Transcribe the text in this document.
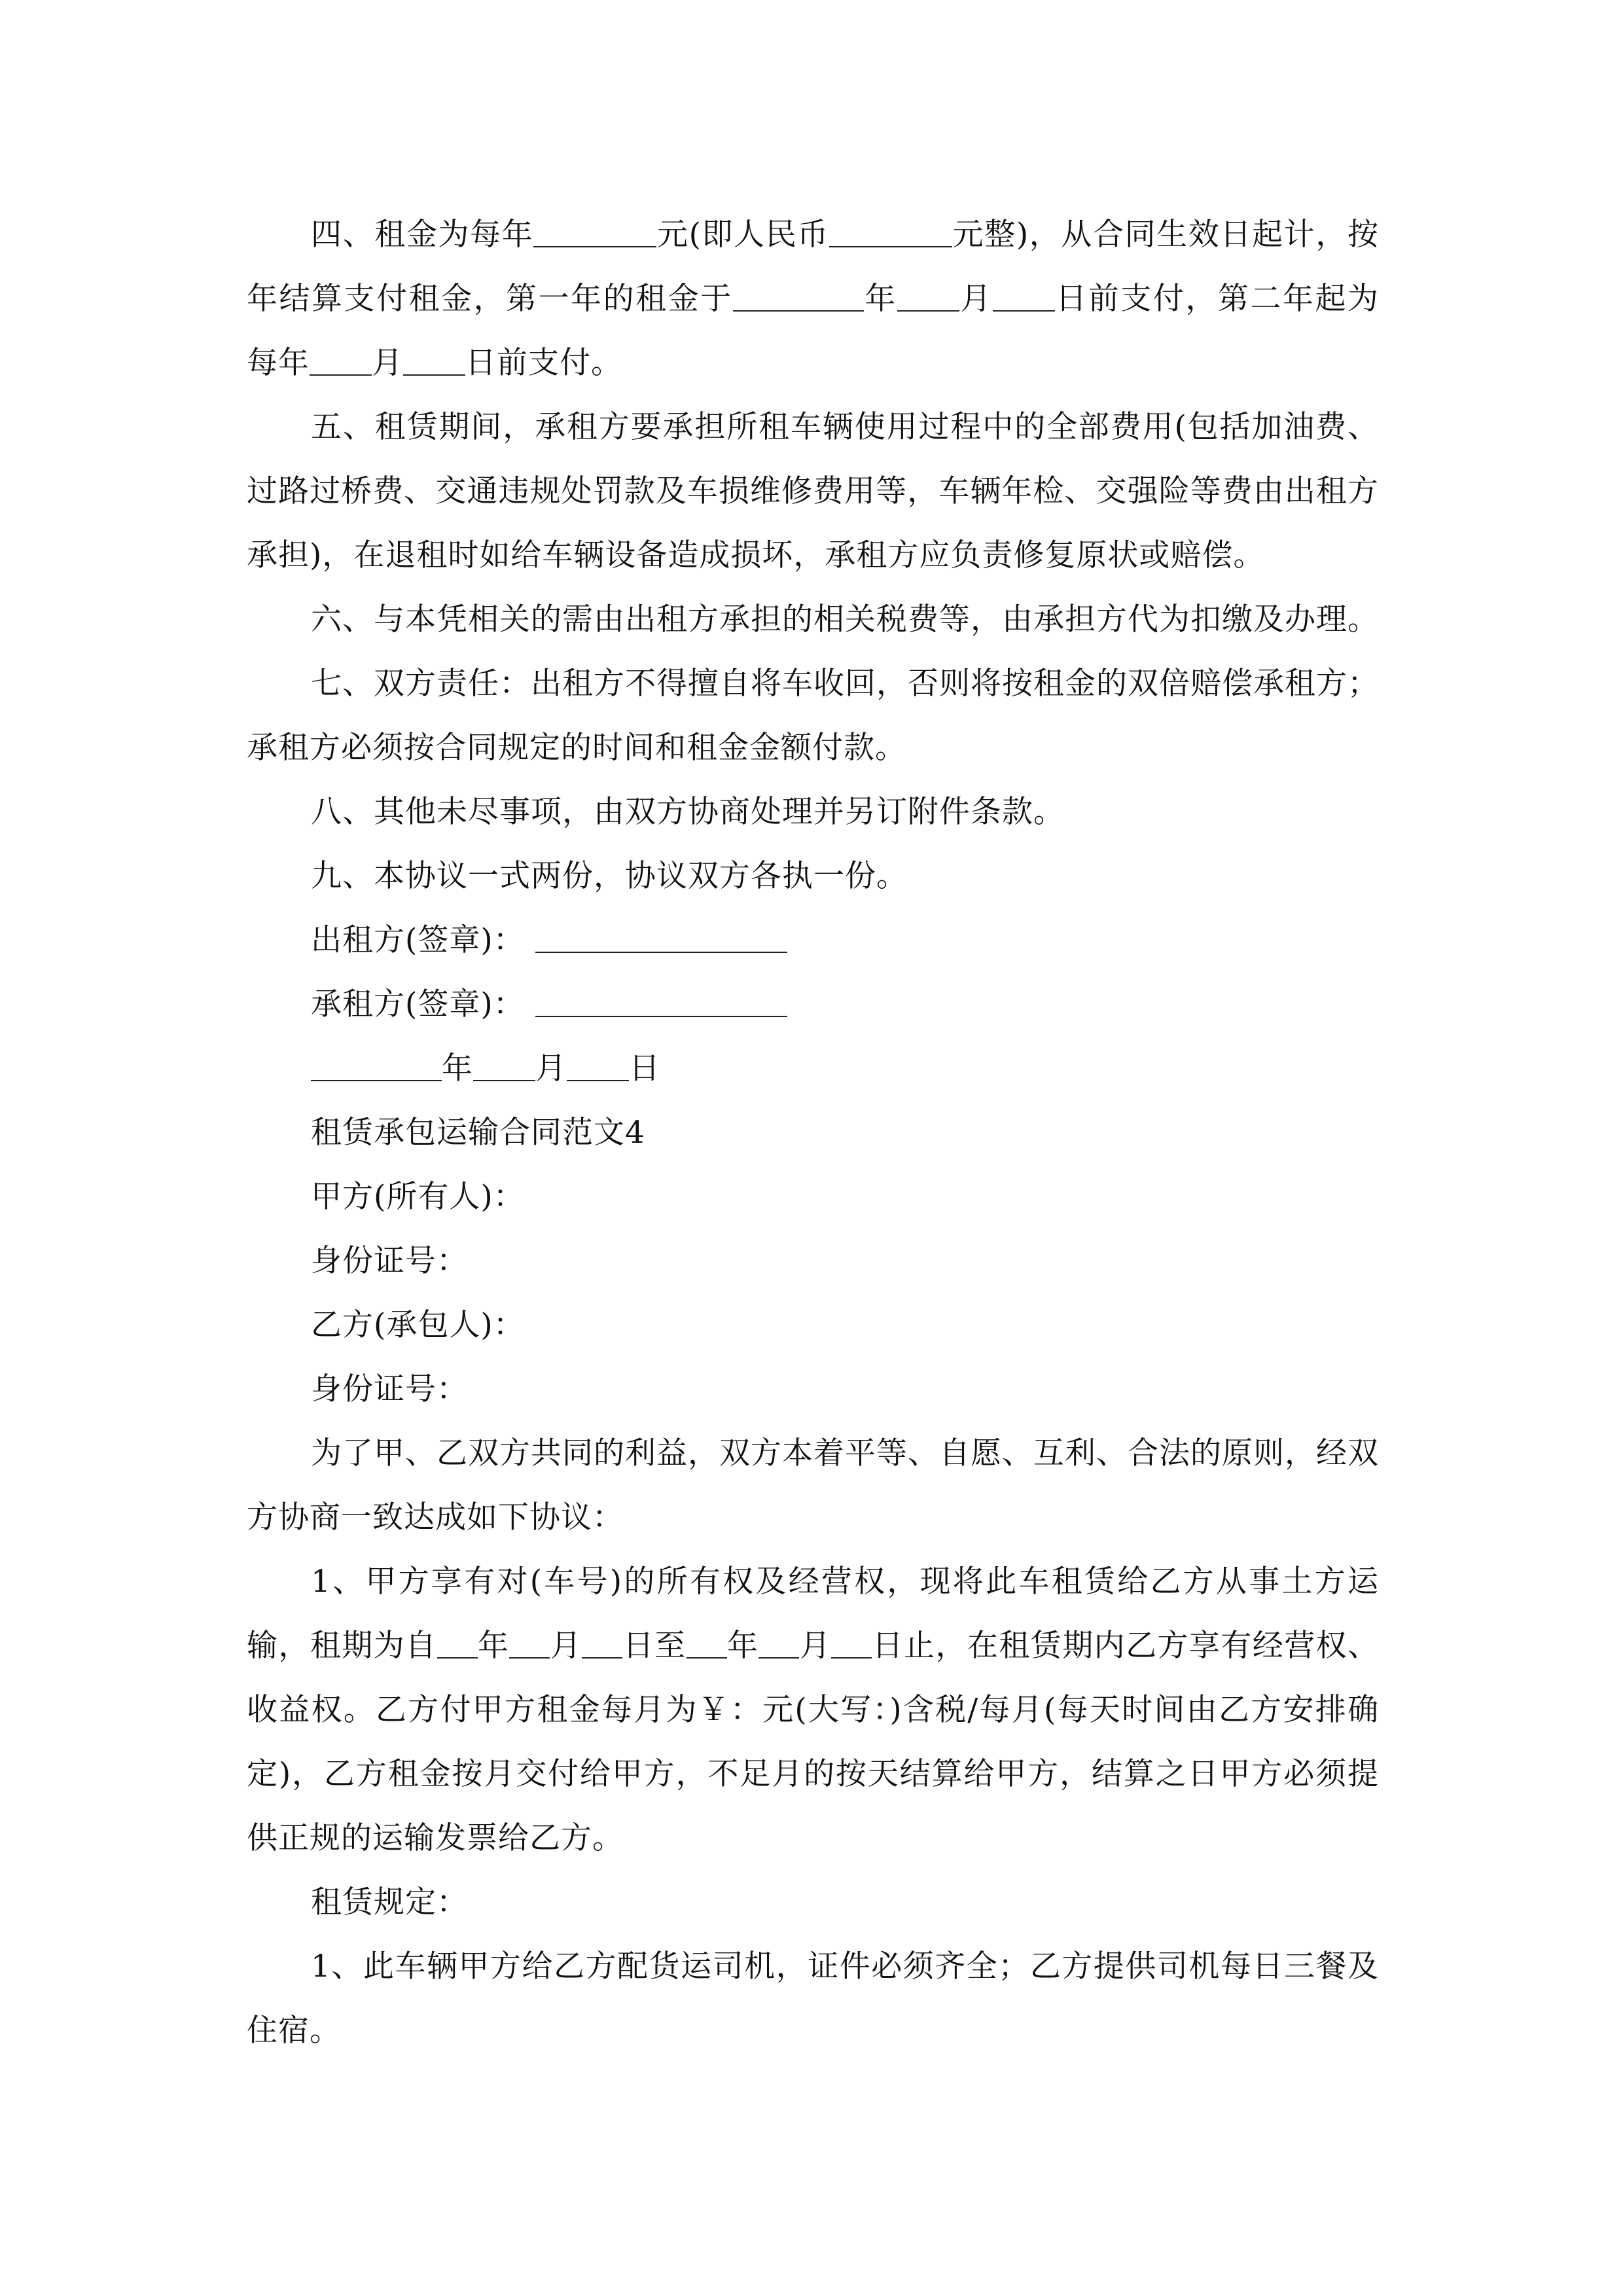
四、租金为每年	元(即人民币	元整)，从合同生效日起计，按年结算支付租金，第一年的租金于	年 月 日前支付，第二年起为每年 月 日前支付。

五、租赁期间，承租方要承担所租车辆使用过程中的全部费用(包括加油费、过路过桥费、交通违规处罚款及车损维修费用等，车辆年检、交强险等费由出租方承担)，在退租时如给车辆设备造成损坏，承租方应负责修复原状或赔偿。

六、与本凭相关的需由出租方承担的相关税费等，由承担方代为扣缴及办理。

七、双方责任：出租方不得擅自将车收回，否则将按租金的双倍赔偿承租方；承租方必须按合同规定的时间和租金金额付款。

八、其他未尽事项，由双方协商处理并另订附件条款。

九、本协议一式两份，协议双方各执一份。

出租方(签章)：

承租方(签章)：

年 月 日

租赁承包运输合同范文4

甲方(所有人)：

身份证号：

乙方(承包人)：

身份证号：

为了甲、乙双方共同的利益，双方本着平等、自愿、互利、合法的原则，经双方协商一致达成如下协议：

1、甲方享有对(车号)的所有权及经营权，现将此车租赁给乙方从事土方运输，租期为自 年 月 日至 年 月 日止，在租赁期内乙方享有经营权、收益权。乙方付甲方租金每月为￥：元(大写：)含税/每月(每天时间由乙方安排确定)，乙方租金按月交付给甲方，不足月的按天结算给甲方，结算之日甲方必须提供正规的运输发票给乙方。

租赁规定：

1、此车辆甲方给乙方配货运司机，证件必须齐全；乙方提供司机每日三餐及住宿。
